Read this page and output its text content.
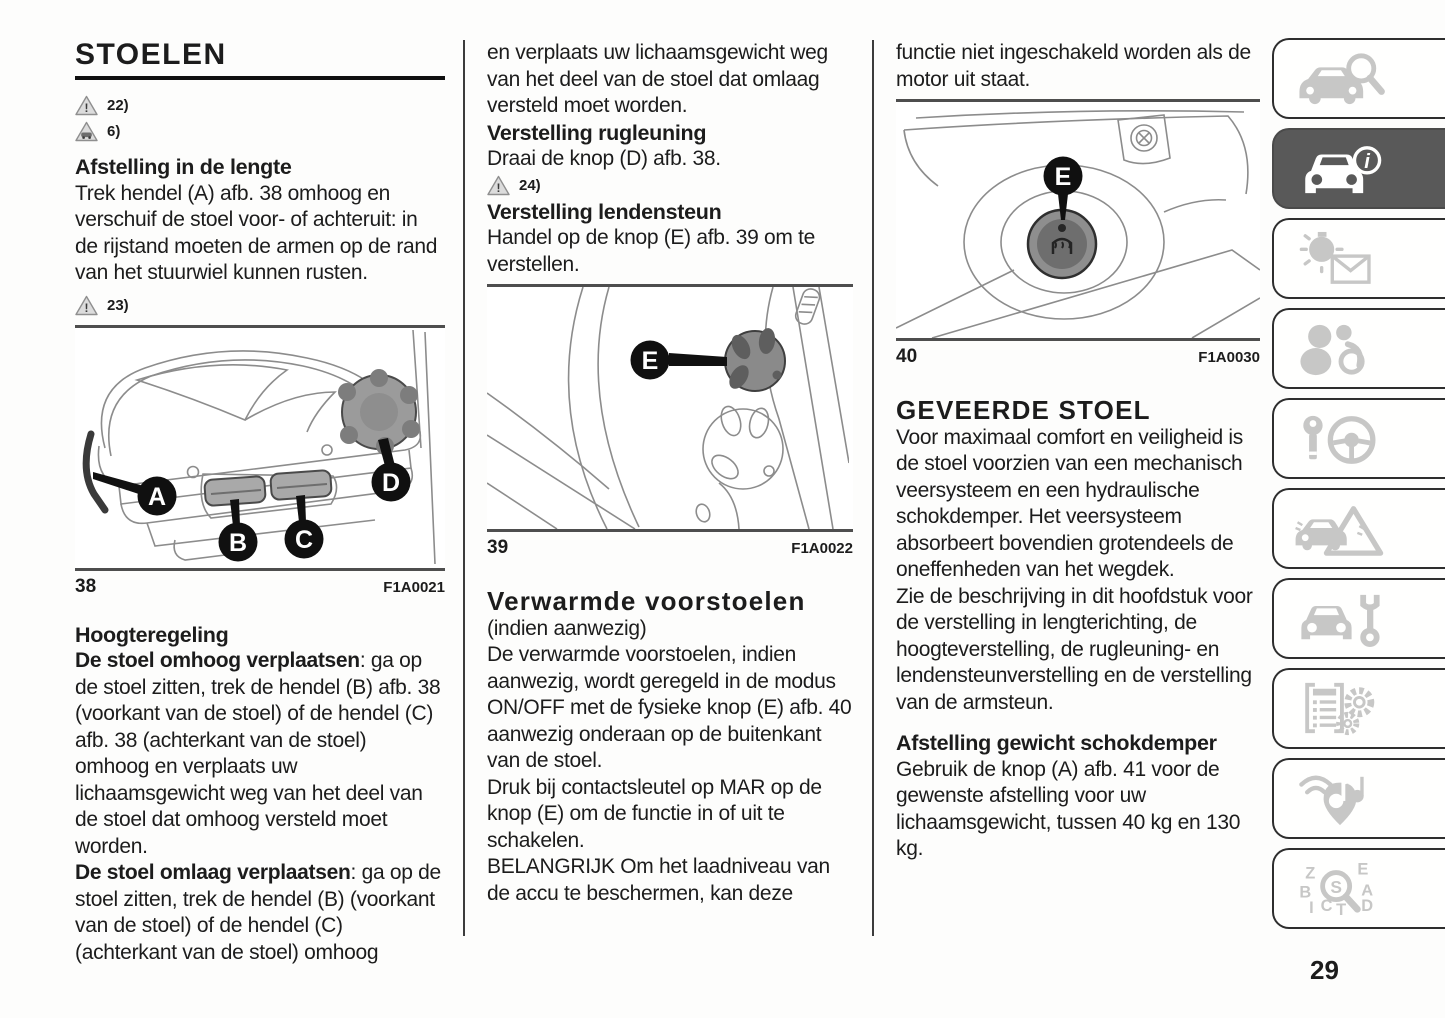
STOELEN
! 22)
6)
Afstelling in de lengte

Trek hendel (A) afb. 38 omhoog en verschuif de stoel voor- of achteruit: in de rijstand moeten de armen op de rand van het stuurwiel kunnen rusten.

! 23)
A
B C
D
38	F1A0021
Hoogteregeling

De stoel omhoog verplaatsen: ga op de stoel zitten, trek de hendel (B) afb. 38 (voorkant van de stoel) of de hendel (C) afb. 38 (achterkant van de stoel) omhoog en verplaats uw lichaamsgewicht weg van het deel van de stoel dat omhoog versteld moet worden.

De stoel omlaag verplaatsen: ga op de stoel zitten, trek de hendel (B) (voorkant van de stoel) of de hendel (C) (achterkant van de stoel) omhoog

en verplaats uw lichaamsgewicht weg van het deel van de stoel dat omlaag versteld moet worden.

Verstelling rugleuning

Draai de knop (D) afb. 38.

! 24)
Verstelling lendensteun

Handel op de knop (E) afb. 39 om te verstellen.

E
39	F1A0022
Verwarmde voorstoelen

(indien aanwezig)

De verwarmde voorstoelen, indien aanwezig, wordt geregeld in de modus ON/OFF met de fysieke knop (E) afb. 40 aanwezig onderaan op de buitenkant van de stoel.

Druk bij contactsleutel op MAR op de knop (E) om de functie in of uit te schakelen.

BELANGRIJK Om het laadniveau van de accu te beschermen, kan deze

functie niet ingeschakeld worden als de motor uit staat.

E
40	F1A0030
GEVEERDE STOEL

Voor maximaal comfort en veiligheid is de stoel voorzien van een mechanisch veersysteem en een hydraulische schokdemper. Het veersysteem absorbeert bovendien grotendeels de oneffenheden van het wegdek.

Zie de beschrijving in dit hoofdstuk voor de verstelling in lengterichting, de hoogteverstelling, de rugleuning- en lendensteunverstelling en de verstelling van de armsteun.

Afstelling gewicht schokdemper

Gebruik de knop (A) afb. 41 voor de gewenste afstelling voor uw lichaamsgewicht, tussen 40 kg en 130 kg.

i
Z E
B	A
I C T D
S
29
